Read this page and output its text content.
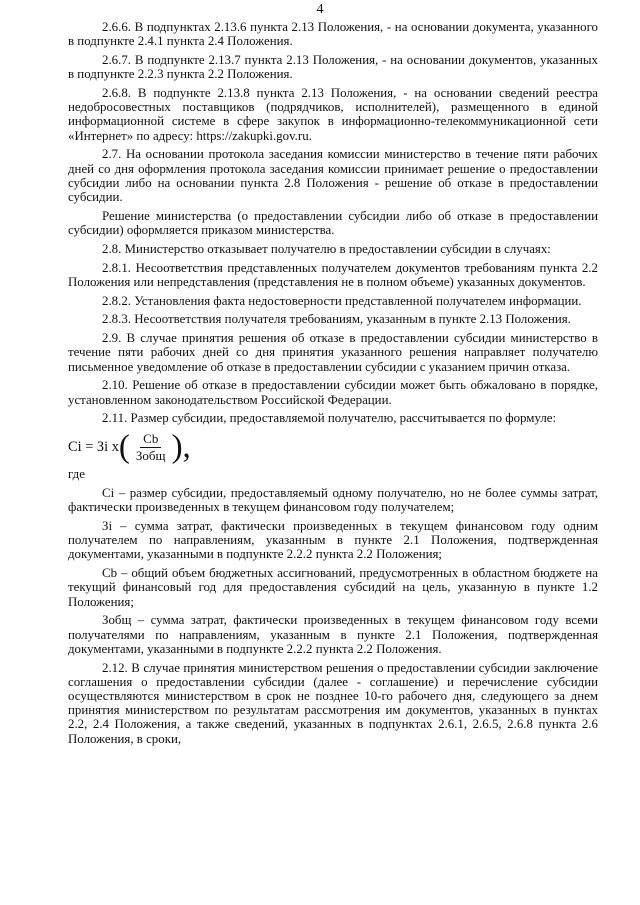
4

2.6.6. В подпунктах 2.13.6 пункта 2.13 Положения, - на основании документа, указанного в подпункте 2.4.1 пункта 2.4 Положения.

2.6.7. В подпункте 2.13.7 пункта 2.13 Положения, - на основании документов, указанных в подпункте 2.2.3 пункта 2.2 Положения.

2.6.8. В подпункте 2.13.8 пункта 2.13 Положения, - на основании сведений реестра недобросовестных поставщиков (подрядчиков, исполнителей), размещенного в единой информационной системе в сфере закупок в информационно-телекоммуникационной сети «Интернет» по адресу: https://zakupki.gov.ru.

2.7. На основании протокола заседания комиссии министерство в течение пяти рабочих дней со дня оформления протокола заседания комиссии принимает решение о предоставлении субсидии либо на основании пункта 2.8 Положения - решение об отказе в предоставлении субсидии.

Решение министерства (о предоставлении субсидии либо об отказе в предоставлении субсидии) оформляется приказом министерства.

2.8. Министерство отказывает получателю в предоставлении субсидии в случаях:

2.8.1. Несоответствия представленных получателем документов требованиям пункта 2.2 Положения или непредставления (представления не в полном объеме) указанных документов.

2.8.2. Установления факта недостоверности представленной получателем информации.

2.8.3. Несоответствия получателя требованиям, указанным в пункте 2.13 Положения.

2.9. В случае принятия решения об отказе в предоставлении субсидии министерство в течение пяти рабочих дней со дня принятия указанного решения направляет получателю письменное уведомление об отказе в предоставлении субсидии с указанием причин отказа.

2.10. Решение об отказе в предоставлении субсидии может быть обжаловано в порядке, установленном законодательством Российской Федерации.

2.11. Размер субсидии, предоставляемой получателю, рассчитывается по формуле:

Ci = Зi x ( $\frac{Cb}{\text{Зобщ}}$ ),

где

Ci – размер субсидии, предоставляемый одному получателю, но не более суммы затрат, фактически произведенных в текущем финансовом году получателем;

Зi – сумма затрат, фактически произведенных в текущем финансовом году одним получателем по направлениям, указанным в пункте 2.1 Положения, подтвержденная документами, указанными в подпункте 2.2.2 пункта 2.2 Положения;

Cb – общий объем бюджетных ассигнований, предусмотренных в областном бюджете на текущий финансовый год для предоставления субсидий на цель, указанную в пункте 1.2 Положения;

Зобщ – сумма затрат, фактически произведенных в текущем финансовом году всеми получателями по направлениям, указанным в пункте 2.1 Положения, подтвержденная документами, указанными в подпункте 2.2.2 пункта 2.2 Положения.

2.12. В случае принятия министерством решения о предоставлении субсидии заключение соглашения о предоставлении субсидии (далее - соглашение) и перечисление субсидии осуществляются министерством в срок не позднее 10-го рабочего дня, следующего за днем принятия министерством по результатам рассмотрения им документов, указанных в пунктах 2.2, 2.4 Положения, а также сведений, указанных в подпунктах 2.6.1, 2.6.5, 2.6.8 пункта 2.6 Положения, в сроки,
